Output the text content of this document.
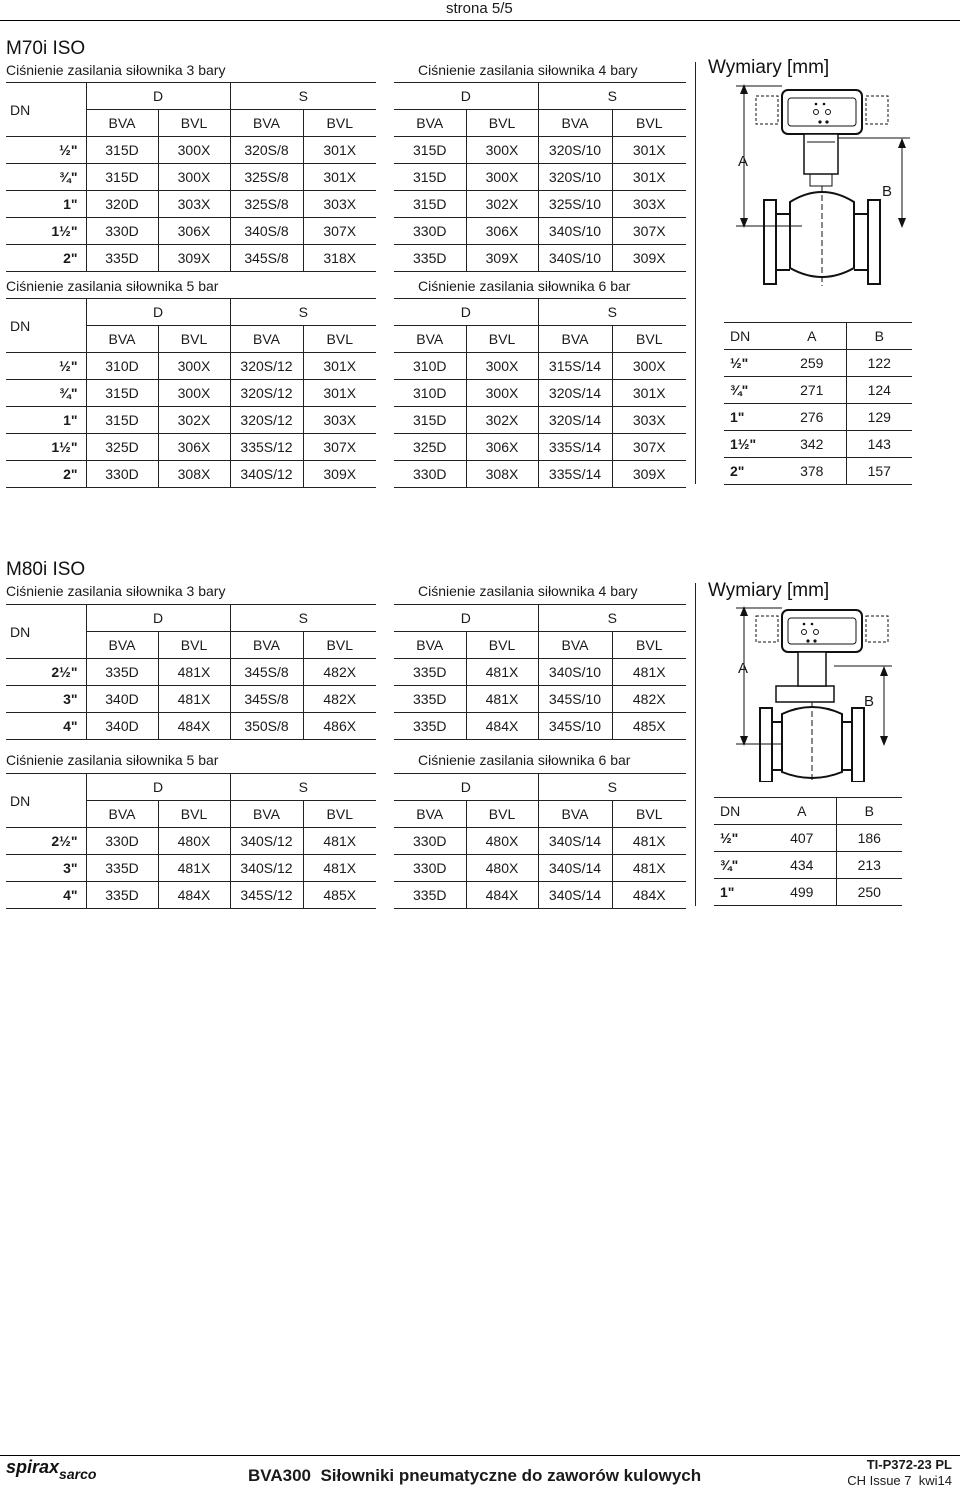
strona 5/5
M70i ISO
Ciśnienie zasilania siłownika 3 bary
DN	D		S	
	BVA	BVL	BVA	BVL
½"	315D	300X	320S/8	301X
¾"	315D	300X	325S/8	301X
1"	320D	303X	325S/8	303X
1½"	330D	306X	340S/8	307X
2"	335D	309X	345S/8	318X
Ciśnienie zasilania siłownika 4 bary
D		S	
BVA	BVL	BVA	BVL
315D	300X	320S/10	301X
315D	300X	320S/10	301X
315D	302X	325S/10	303X
330D	306X	340S/10	307X
335D	309X	340S/10	309X
Ciśnienie zasilania siłownika 5 bar
DN	D		S	
	BVA	BVL	BVA	BVL
½"	310D	300X	320S/12	301X
¾"	315D	300X	320S/12	301X
1"	315D	302X	320S/12	303X
1½"	325D	306X	335S/12	307X
2"	330D	308X	340S/12	309X
Ciśnienie zasilania siłownika 6 bar
D		S	
BVA	BVL	BVA	BVL
310D	300X	315S/14	300X
310D	300X	320S/14	301X
315D	302X	320S/14	303X
325D	306X	335S/14	307X
330D	308X	335S/14	309X
Wymiary [mm]
A
B
DN	A	B
½"	259	122
¾"	271	124
1"	276	129
1½"	342	143
2"	378	157
M80i ISO
Ciśnienie zasilania siłownika 3 bary
DN	D		S	
	BVA	BVL	BVA	BVL
2½"	335D	481X	345S/8	482X
3"	340D	481X	345S/8	482X
4"	340D	484X	350S/8	486X
Ciśnienie zasilania siłownika 4 bary
D		S	
BVA	BVL	BVA	BVL
335D	481X	340S/10	481X
335D	481X	345S/10	482X
335D	484X	345S/10	485X
Ciśnienie zasilania siłownika 5 bar
DN	D		S	
	BVA	BVL	BVA	BVL
2½"	330D	480X	340S/12	481X
3"	335D	481X	340S/12	481X
4"	335D	484X	345S/12	485X
Ciśnienie zasilania siłownika 6 bar
D		S	
BVA	BVL	BVA	BVL
330D	480X	340S/14	481X
330D	480X	340S/14	481X
335D	484X	340S/14	484X
Wymiary [mm]
A
B
DN	A	B
½"	407	186
¾"	434	213
1"	499	250
spirax$_{sarco}$	BVA300 Siłowniki pneumatyczne do zaworów kulowych
TI-P372-23 PL
CH Issue 7 kwi14
